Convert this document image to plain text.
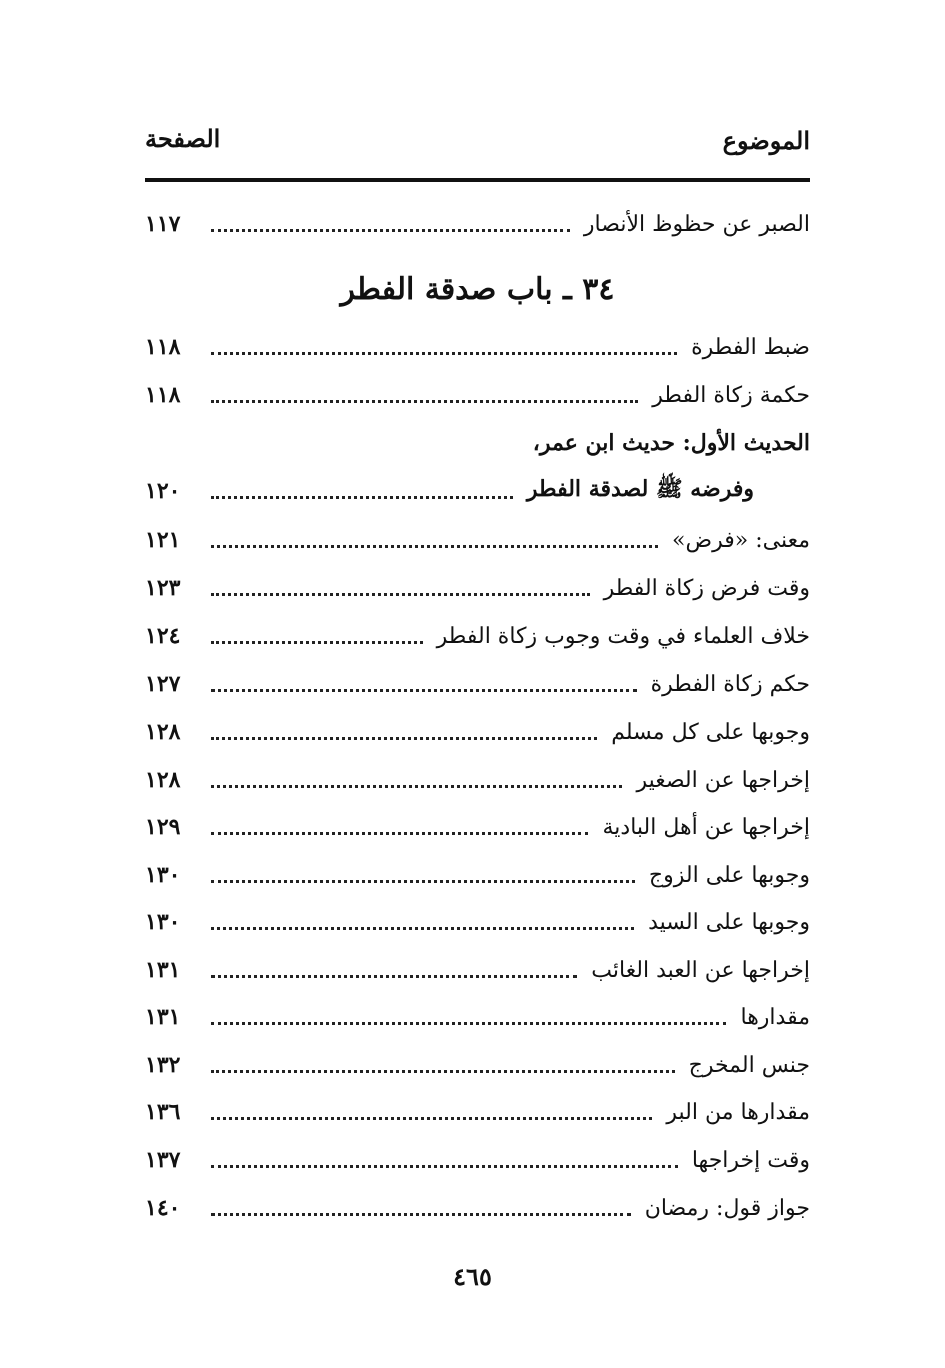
الموضوع
الصفحة
الصبر عن حظوظ الأنصار
١١٧
٣٤ ـ باب صدقة الفطر
ضبط الفطرة
١١٨
حكمة زكاة الفطر
١١٨
الحديث الأول: حديث ابن عمر،
وفرضه ﷺ لصدقة الفطر
١٢٠
معنى: «فرض»
١٢١
وقت فرض زكاة الفطر
١٢٣
خلاف العلماء في وقت وجوب زكاة الفطر
١٢٤
حكم زكاة الفطرة
١٢٧
وجوبها على كل مسلم
١٢٨
إخراجها عن الصغير
١٢٨
إخراجها عن أهل البادية
١٢٩
وجوبها على الزوج
١٣٠
وجوبها على السيد
١٣٠
إخراجها عن العبد الغائب
١٣١
مقدارها
١٣١
جنس المخرج
١٣٢
مقدارها من البر
١٣٦
وقت إخراجها
١٣٧
جواز قول: رمضان
١٤٠
٤٦٥
